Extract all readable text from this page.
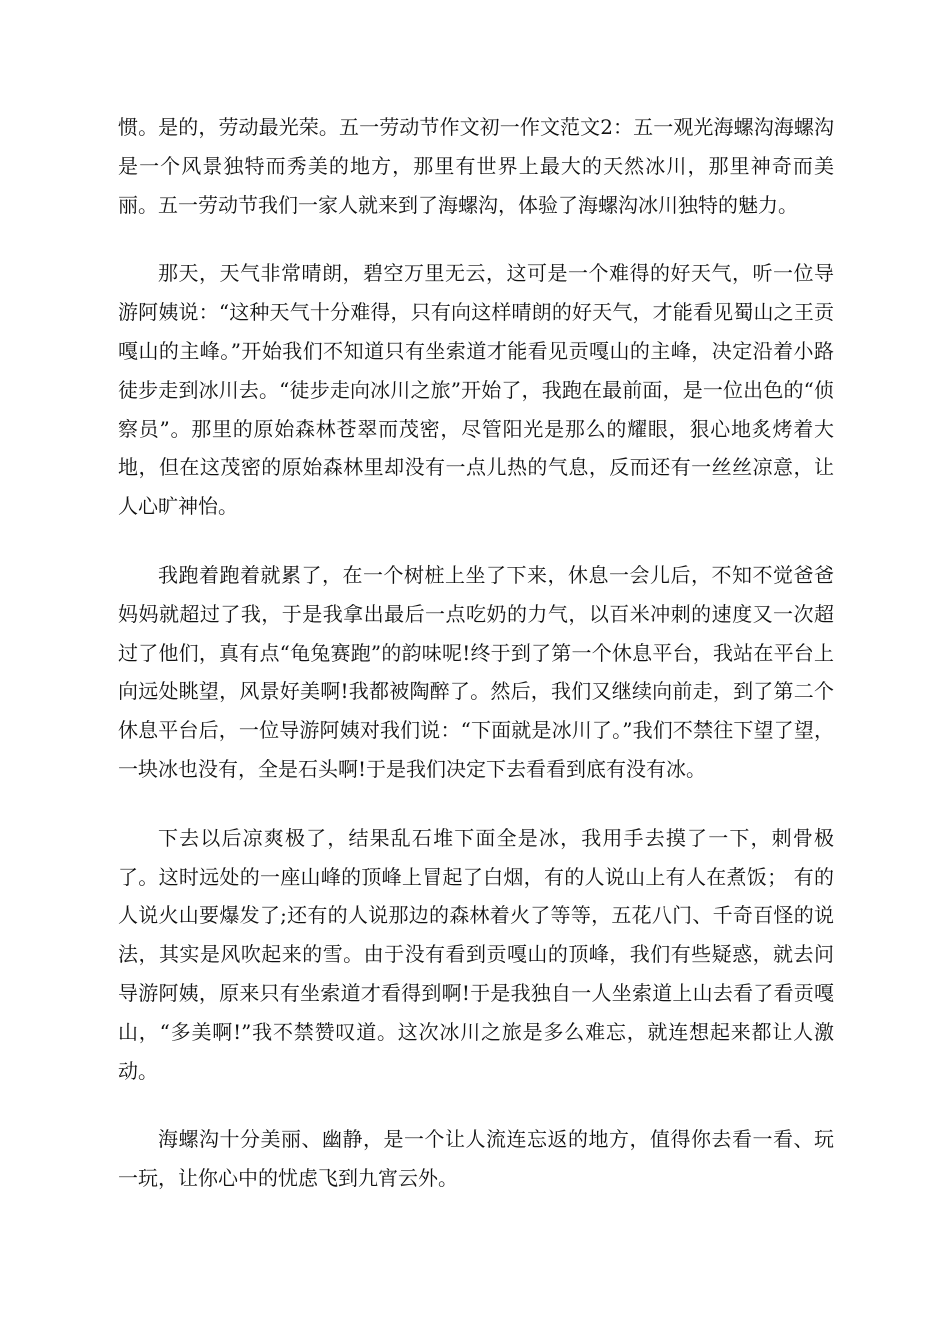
惯。是的，劳动最光荣。五一劳动节作文初一作文范文2：五一观光海螺沟海螺沟是一个风景独特而秀美的地方，那里有世界上最大的天然冰川，那里神奇而美丽。五一劳动节我们一家人就来到了海螺沟，体验了海螺沟冰川独特的魅力。

那天，天气非常晴朗，碧空万里无云，这可是一个难得的好天气，听一位导游阿姨说：“这种天气十分难得，只有向这样晴朗的好天气，才能看见蜀山之王贡嘎山的主峰。”开始我们不知道只有坐索道才能看见贡嘎山的主峰，决定沿着小路徒步走到冰川去。“徒步走向冰川之旅”开始了，我跑在最前面，是一位出色的“侦察员”。那里的原始森林苍翠而茂密，尽管阳光是那么的耀眼，狠心地炙烤着大地，但在这茂密的原始森林里却没有一点儿热的气息，反而还有一丝丝凉意，让人心旷神怡。

我跑着跑着就累了，在一个树桩上坐了下来，休息一会儿后，不知不觉爸爸妈妈就超过了我，于是我拿出最后一点吃奶的力气，以百米冲刺的速度又一次超过了他们，真有点“龟兔赛跑”的韵味呢!终于到了第一个休息平台，我站在平台上向远处眺望，风景好美啊!我都被陶醉了。然后，我们又继续向前走，到了第二个休息平台后，一位导游阿姨对我们说：“下面就是冰川了。”我们不禁往下望了望，一块冰也没有，全是石头啊!于是我们决定下去看看到底有没有冰。

下去以后凉爽极了，结果乱石堆下面全是冰，我用手去摸了一下，刺骨极了。这时远处的一座山峰的顶峰上冒起了白烟，有的人说山上有人在煮饭； 有的人说火山要爆发了;还有的人说那边的森林着火了等等，五花八门、千奇百怪的说法，其实是风吹起来的雪。由于没有看到贡嘎山的顶峰，我们有些疑惑，就去问导游阿姨，原来只有坐索道才看得到啊!于是我独自一人坐索道上山去看了看贡嘎山，“多美啊!”我不禁赞叹道。这次冰川之旅是多么难忘，就连想起来都让人激动。

海螺沟十分美丽、幽静，是一个让人流连忘返的地方，值得你去看一看、玩一玩，让你心中的忧虑飞到九宵云外。
